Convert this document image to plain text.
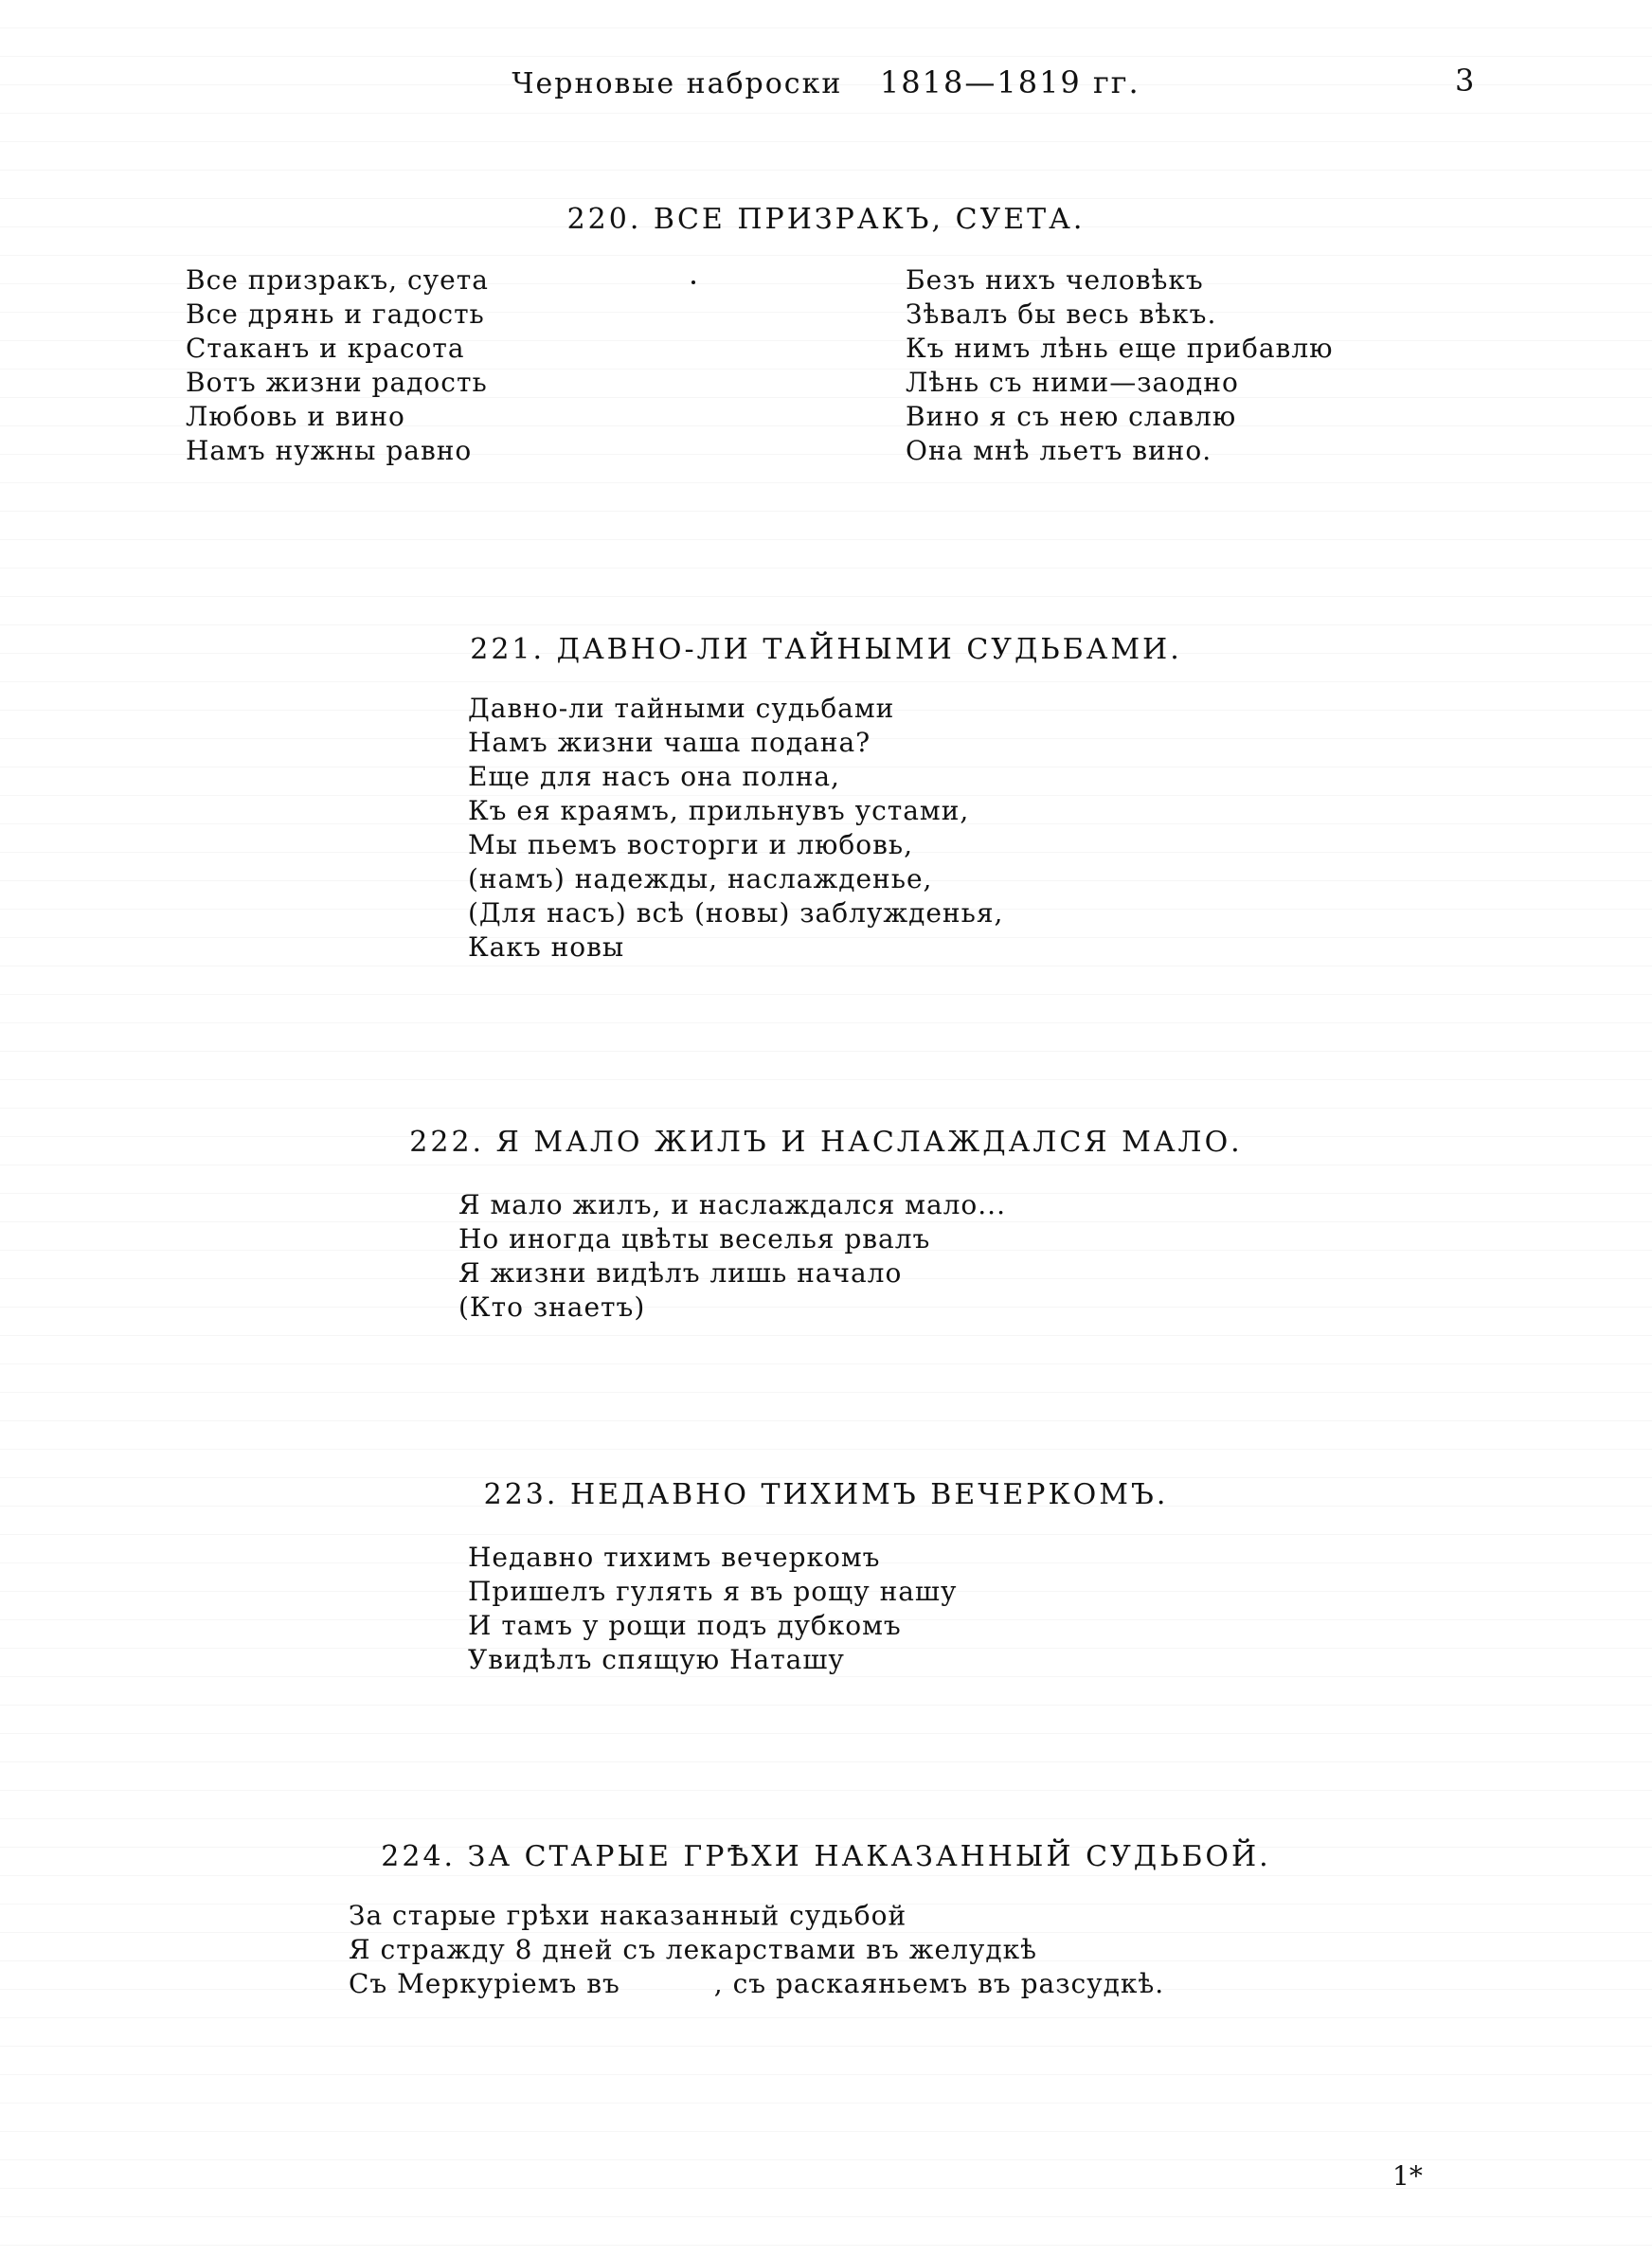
Черновые наброски 1818—1819 гг.	3
220. ВСЕ ПРИЗРАКЪ, СУЕТА.
Все призракъ, суета
Все дрянь и гадость
Стаканъ и красота
Вотъ жизни радость
Любовь и вино
Намъ нужны равно
Безъ нихъ человѣкъ
Зѣвалъ бы весь вѣкъ.
Къ нимъ лѣнь еще прибавлю
Лѣнь съ ними—заодно
Вино я съ нею славлю
Она мнѣ льетъ вино.
221. ДАВНО-ЛИ ТАЙНЫМИ СУДЬБАМИ.
Давно-ли тайными судьбами
Намъ жизни чаша подана?
Еще для насъ она полна,
Къ ея краямъ, прильнувъ устами,
Мы пьемъ восторги и любовь,
(намъ) надежды, наслажденье,
(Для насъ) всѣ (новы) заблужденья,
Какъ новы
222. Я МАЛО ЖИЛЪ И НАСЛАЖДАЛСЯ МАЛО.
Я мало жилъ, и наслаждался мало...
Но иногда цвѣты веселья рвалъ
Я жизни видѣлъ лишь начало
(Кто знаетъ)
223. НЕДАВНО ТИХИМЪ ВЕЧЕРКОМЪ.
Недавно тихимъ вечеркомъ
Пришелъ гулять я въ рощу нашу
И тамъ у рощи подъ дубкомъ
Увидѣлъ спящую Наташу
224. ЗА СТАРЫЕ ГРѢХИ НАКАЗАННЫЙ СУДЬБОЙ.
За старые грѣхи наказанный судьбой
Я стражду 8 дней съ лекарствами въ желудкѣ
Съ Меркуріемъ въ          , съ раскаяньемъ въ разсудкѣ.
1*
